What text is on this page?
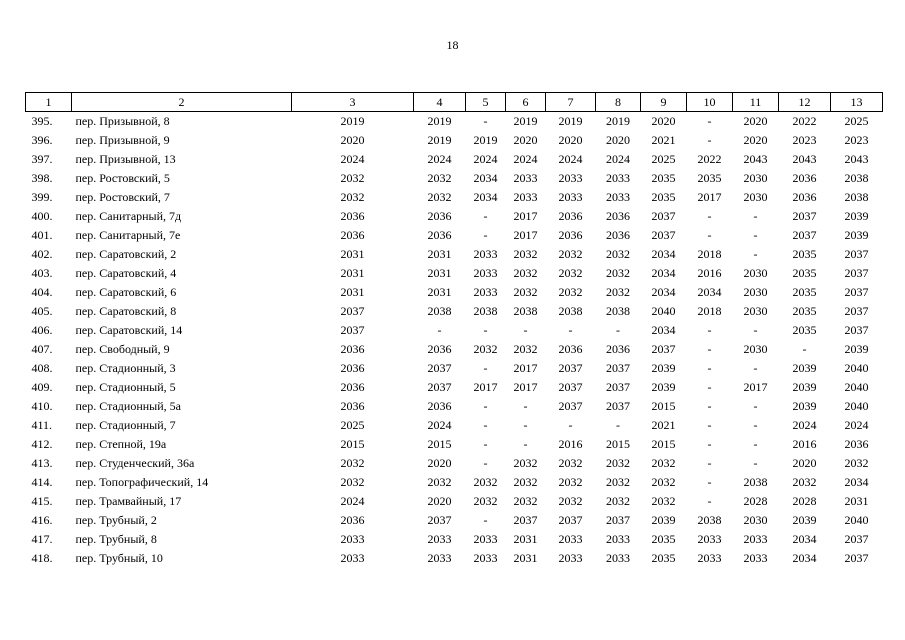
18
1	2	3	4	5	6	7	8	9	10	11	12	13
395.	пер. Призывной, 8	2019	2019	-	2019	2019	2019	2020	-	2020	2022	2025
396.	пер. Призывной, 9	2020	2019	2019	2020	2020	2020	2021	-	2020	2023	2023
397.	пер. Призывной, 13	2024	2024	2024	2024	2024	2024	2025	2022	2043	2043	2043
398.	пер. Ростовский, 5	2032	2032	2034	2033	2033	2033	2035	2035	2030	2036	2038
399.	пер. Ростовский, 7	2032	2032	2034	2033	2033	2033	2035	2017	2030	2036	2038
400.	пер. Санитарный, 7д	2036	2036	-	2017	2036	2036	2037	-	-	2037	2039
401.	пер. Санитарный, 7е	2036	2036	-	2017	2036	2036	2037	-	-	2037	2039
402.	пер. Саратовский, 2	2031	2031	2033	2032	2032	2032	2034	2018	-	2035	2037
403.	пер. Саратовский, 4	2031	2031	2033	2032	2032	2032	2034	2016	2030	2035	2037
404.	пер. Саратовский, 6	2031	2031	2033	2032	2032	2032	2034	2034	2030	2035	2037
405.	пер. Саратовский, 8	2037	2038	2038	2038	2038	2038	2040	2018	2030	2035	2037
406.	пер. Саратовский, 14	2037	-	-	-	-	-	2034	-	-	2035	2037
407.	пер. Свободный, 9	2036	2036	2032	2032	2036	2036	2037	-	2030	-	2039
408.	пер. Стадионный, 3	2036	2037	-	2017	2037	2037	2039	-	-	2039	2040
409.	пер. Стадионный, 5	2036	2037	2017	2017	2037	2037	2039	-	2017	2039	2040
410.	пер. Стадионный, 5а	2036	2036	-	-	2037	2037	2015	-	-	2039	2040
411.	пер. Стадионный, 7	2025	2024	-	-	-	-	2021	-	-	2024	2024
412.	пер. Степной, 19а	2015	2015	-	-	2016	2015	2015	-	-	2016	2036
413.	пер. Студенческий, 36а	2032	2020	-	2032	2032	2032	2032	-	-	2020	2032
414.	пер. Топографический, 14	2032	2032	2032	2032	2032	2032	2032	-	2038	2032	2034
415.	пер. Трамвайный, 17	2024	2020	2032	2032	2032	2032	2032	-	2028	2028	2031
416.	пер. Трубный, 2	2036	2037	-	2037	2037	2037	2039	2038	2030	2039	2040
417.	пер. Трубный, 8	2033	2033	2033	2031	2033	2033	2035	2033	2033	2034	2037
418.	пер. Трубный, 10	2033	2033	2033	2031	2033	2033	2035	2033	2033	2034	2037
